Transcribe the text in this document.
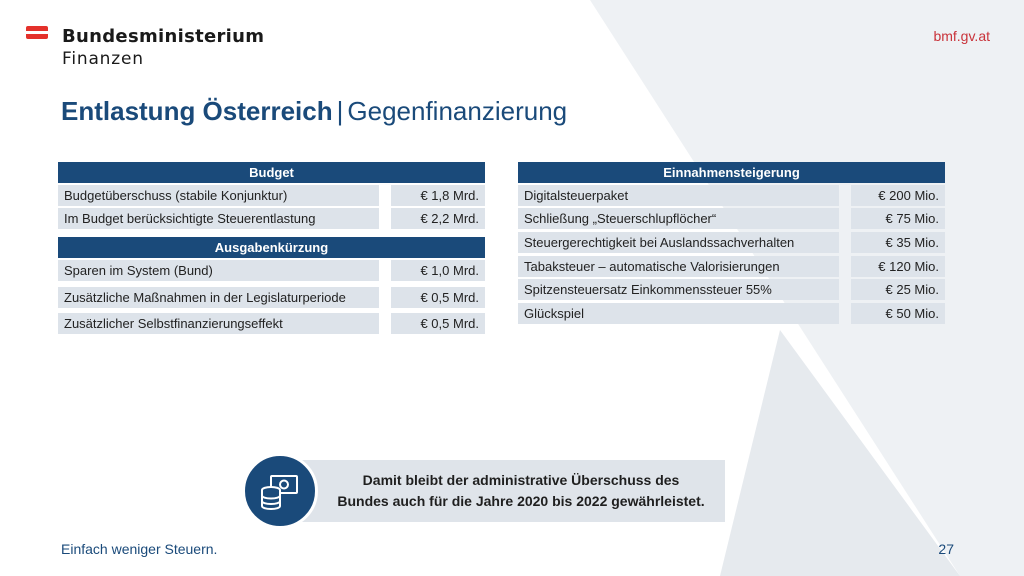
Bundesministerium
Finanzen
bmf.gv.at
Entlastung Österreich | Gegenfinanzierung
Budget
Budgetüberschuss (stabile Konjunktur)	€ 1,8 Mrd.
Im Budget berücksichtigte Steuerentlastung	€ 2,2 Mrd.
Ausgabenkürzung
Sparen im System (Bund)	€ 1,0 Mrd.
Zusätzliche Maßnahmen in der Legislaturperiode	€ 0,5 Mrd.
Zusätzlicher Selbstfinanzierungseffekt	€ 0,5 Mrd.
Einnahmensteigerung
Digitalsteuerpaket	€ 200 Mio.
Schließung „Steuerschlupflöcher“	€ 75 Mio.
Steuergerechtigkeit bei Auslandssachverhalten	€ 35 Mio.
Tabaksteuer – automatische Valorisierungen	€ 120 Mio.
Spitzensteuersatz Einkommenssteuer 55%	€ 25 Mio.
Glückspiel	€ 50 Mio.
Damit bleibt der administrative Überschuss des
Bundes auch für die Jahre 2020 bis 2022 gewährleistet.
Einfach weniger Steuern.	27
